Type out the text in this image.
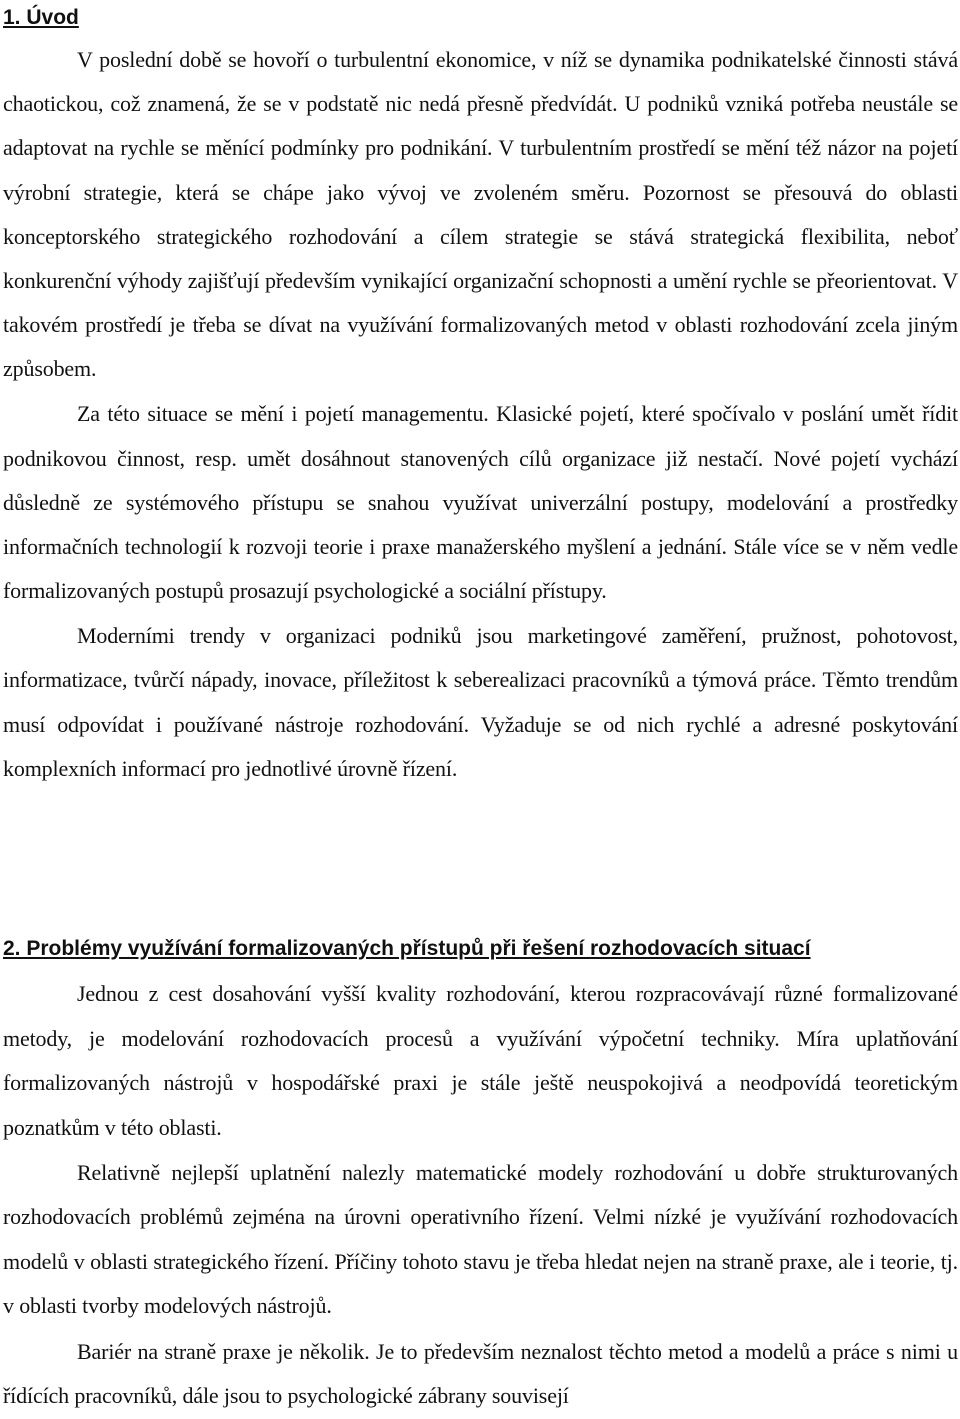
1. Úvod

V poslední době se hovoří o turbulentní ekonomice, v níž se dynamika podnikatelské činnosti stává chaotickou, což znamená, že se v podstatě nic nedá přesně předvídát. U podniků vzniká potřeba neustále se adaptovat na rychle se měnící podmínky pro podnikání. V turbulentním prostředí se mění též názor na pojetí výrobní strategie, která se chápe jako vývoj ve zvoleném směru. Pozornost se přesouvá do oblasti konceptorského strategického rozhodování a cílem strategie se stává strategická flexibilita, neboť konkurenční výhody zajišťují především vynikající organizační schopnosti a umění rychle se přeorientovat. V takovém prostředí je třeba se dívat na využívání formalizovaných metod v oblasti rozhodování zcela jiným způsobem.

Za této situace se mění i pojetí managementu. Klasické pojetí, které spočívalo v poslání umět řídit podnikovou činnost, resp. umět dosáhnout stanovených cílů organizace již nestačí. Nové pojetí vychází důsledně ze systémového přístupu se snahou využívat univerzální postupy, modelování a prostředky informačních technologií k rozvoji teorie i praxe manažerského myšlení a jednání. Stále více se v něm vedle formalizovaných postupů prosazují psychologické a sociální přístupy.

Moderními trendy v organizaci podniků jsou marketingové zaměření, pružnost, pohotovost, informatizace, tvůrčí nápady, inovace, příležitost k seberealizaci pracovníků a týmová práce. Těmto trendům musí odpovídat i používané nástroje rozhodování. Vyžaduje se od nich rychlé a adresné poskytování komplexních informací pro jednotlivé úrovně řízení.

2. Problémy využívání formalizovaných přístupů při řešení rozhodovacích situací

Jednou z cest dosahování vyšší kvality rozhodování, kterou rozpracovávají různé formalizované metody, je modelování rozhodovacích procesů a využívání výpočetní techniky. Míra uplatňování formalizovaných nástrojů v hospodářské praxi je stále ještě neuspokojivá a neodpovídá teoretickým poznatkům v této oblasti.

Relativně nejlepší uplatnění nalezly matematické modely rozhodování u dobře strukturovaných rozhodovacích problémů zejména na úrovni operativního řízení. Velmi nízké je využívání rozhodovacích modelů v oblasti strategického řízení. Příčiny tohoto stavu je třeba hledat nejen na straně praxe, ale i teorie, tj. v oblasti tvorby modelových nástrojů.

Bariér na straně praxe je několik. Je to především neznalost těchto metod a modelů a práce s nimi u řídících pracovníků, dále jsou to psychologické zábrany souvisejí
